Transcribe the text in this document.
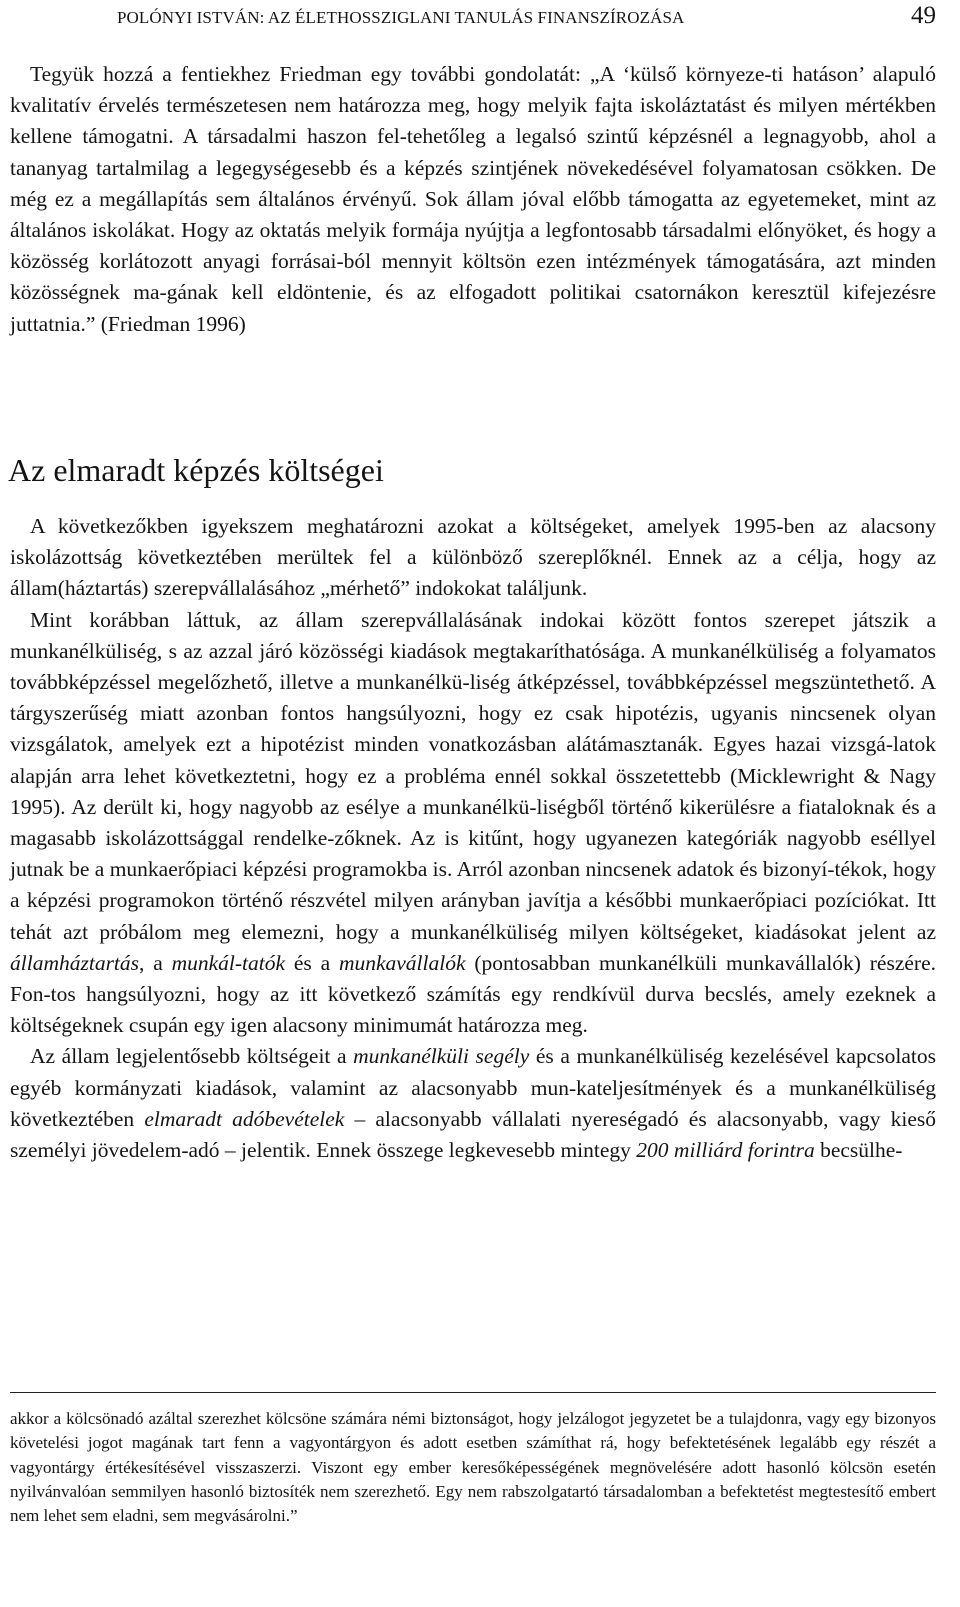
POLÓNYI ISTVÁN: AZ ÉLETHOSSZIGLANI TANULÁS FINANSZÍROZÁSA	49

Tegyük hozzá a fentiekhez Friedman egy további gondolatát: „A ‘külső környeze-ti hatáson’ alapuló kvalitatív érvelés természetesen nem határozza meg, hogy melyik fajta iskoláztatást és milyen mértékben kellene támogatni. A társadalmi haszon fel-tehetőleg a legalsó szintű képzésnél a legnagyobb, ahol a tananyag tartalmilag a legegységesebb és a képzés szintjének növekedésével folyamatosan csökken. De még ez a megállapítás sem általános érvényű. Sok állam jóval előbb támogatta az egyetemeket, mint az általános iskolákat. Hogy az oktatás melyik formája nyújtja a legfontosabb társadalmi előnyöket, és hogy a közösség korlátozott anyagi forrásai-ból mennyit költsön ezen intézmények támogatására, azt minden közösségnek ma-gának kell eldöntenie, és az elfogadott politikai csatornákon keresztül kifejezésre juttatnia.” (Friedman 1996)

Az elmaradt képzés költségei

A következőkben igyekszem meghatározni azokat a költségeket, amelyek 1995-ben az alacsony iskolázottság következtében merültek fel a különböző szereplőknél. Ennek az a célja, hogy az állam(háztartás) szerepvállalásához „mérhető” indokokat találjunk.

Mint korábban láttuk, az állam szerepvállalásának indokai között fontos szerepet játszik a munkanélküliség, s az azzal járó közösségi kiadások megtakaríthatósága. A munkanélküliség a folyamatos továbbképzéssel megelőzhető, illetve a munkanélkü-liség átképzéssel, továbbképzéssel megszüntethető. A tárgyszerűség miatt azonban fontos hangsúlyozni, hogy ez csak hipotézis, ugyanis nincsenek olyan vizsgálatok, amelyek ezt a hipotézist minden vonatkozásban alátámasztanák. Egyes hazai vizsgá-latok alapján arra lehet következtetni, hogy ez a probléma ennél sokkal összetettebb (Micklewright & Nagy 1995). Az derült ki, hogy nagyobb az esélye a munkanélkü-liségből történő kikerülésre a fiataloknak és a magasabb iskolázottsággal rendelke-zőknek. Az is kitűnt, hogy ugyanezen kategóriák nagyobb eséllyel jutnak be a munkaerőpiaci képzési programokba is. Arról azonban nincsenek adatok és bizonyí-tékok, hogy a képzési programokon történő részvétel milyen arányban javítja a későbbi munkaerőpiaci pozíciókat. Itt tehát azt próbálom meg elemezni, hogy a munkanélküliség milyen költségeket, kiadásokat jelent az államháztartás, a munkál-tatók és a munkavállalók (pontosabban munkanélküli munkavállalók) részére. Fon-tos hangsúlyozni, hogy az itt következő számítás egy rendkívül durva becslés, amely ezeknek a költségeknek csupán egy igen alacsony minimumát határozza meg.

Az állam legjelentősebb költségeit a munkanélküli segély és a munkanélküliség kezelésével kapcsolatos egyéb kormányzati kiadások, valamint az alacsonyabb mun-kateljesítmények és a munkanélküliség következtében elmaradt adóbevételek – alacsonyabb vállalati nyereségadó és alacsonyabb, vagy kieső személyi jövedelem-adó – jelentik. Ennek összege legkevesebb mintegy 200 milliárd forintra becsülhe-

akkor a kölcsönadó azáltal szerezhet kölcsöne számára némi biztonságot, hogy jelzálogot jegyzetet be a tulajdonra, vagy egy bizonyos követelési jogot magának tart fenn a vagyontárgyon és adott esetben számíthat rá, hogy befektetésének legalább egy részét a vagyontárgy értékesítésével visszaszerzi. Viszont egy ember keresőképességének megnövelésére adott hasonló kölcsön esetén nyilvánvalóan semmilyen hasonló biztosíték nem szerezhető. Egy nem rabszolgatartó társadalomban a befektetést megtestesítő embert nem lehet sem eladni, sem megvásárolni.”
